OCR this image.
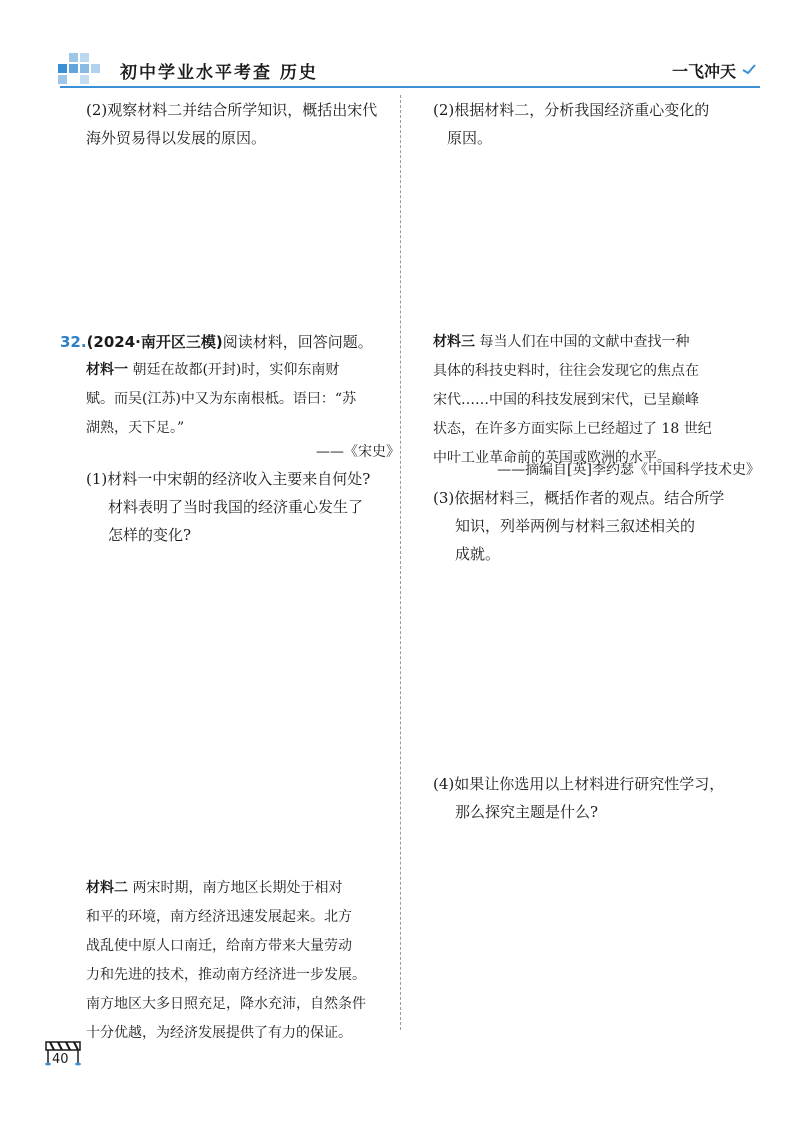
初中学业水平考查 历史	一飞冲天
(2)观察材料二并结合所学知识，概括出宋代
海外贸易得以发展的原因。
32.(2024·南开区三模)阅读材料，回答问题。
材料一 朝廷在故都(开封)时，实仰东南财
赋。而吴(江苏)中又为东南根柢。语曰：“苏
湖熟，天下足。”
——《宋史》
(1)材料一中宋朝的经济收入主要来自何处?
材料表明了当时我国的经济重心发生了
怎样的变化?
材料二 两宋时期，南方地区长期处于相对
和平的环境，南方经济迅速发展起来。北方
战乱使中原人口南迁，给南方带来大量劳动
力和先进的技术，推动南方经济进一步发展。
南方地区大多日照充足，降水充沛，自然条件
十分优越，为经济发展提供了有力的保证。
(2)根据材料二，分析我国经济重心变化的
原因。
材料三 每当人们在中国的文献中查找一种
具体的科技史料时，往往会发现它的焦点在
宋代……中国的科技发展到宋代，已呈巅峰
状态，在许多方面实际上已经超过了 18 世纪
中叶工业革命前的英国或欧洲的水平。
——摘编自[英]李约瑟《中国科学技术史》
(3)依据材料三，概括作者的观点。结合所学
知识，列举两例与材料三叙述相关的
成就。
(4)如果让你选用以上材料进行研究性学习，
那么探究主题是什么?
40
